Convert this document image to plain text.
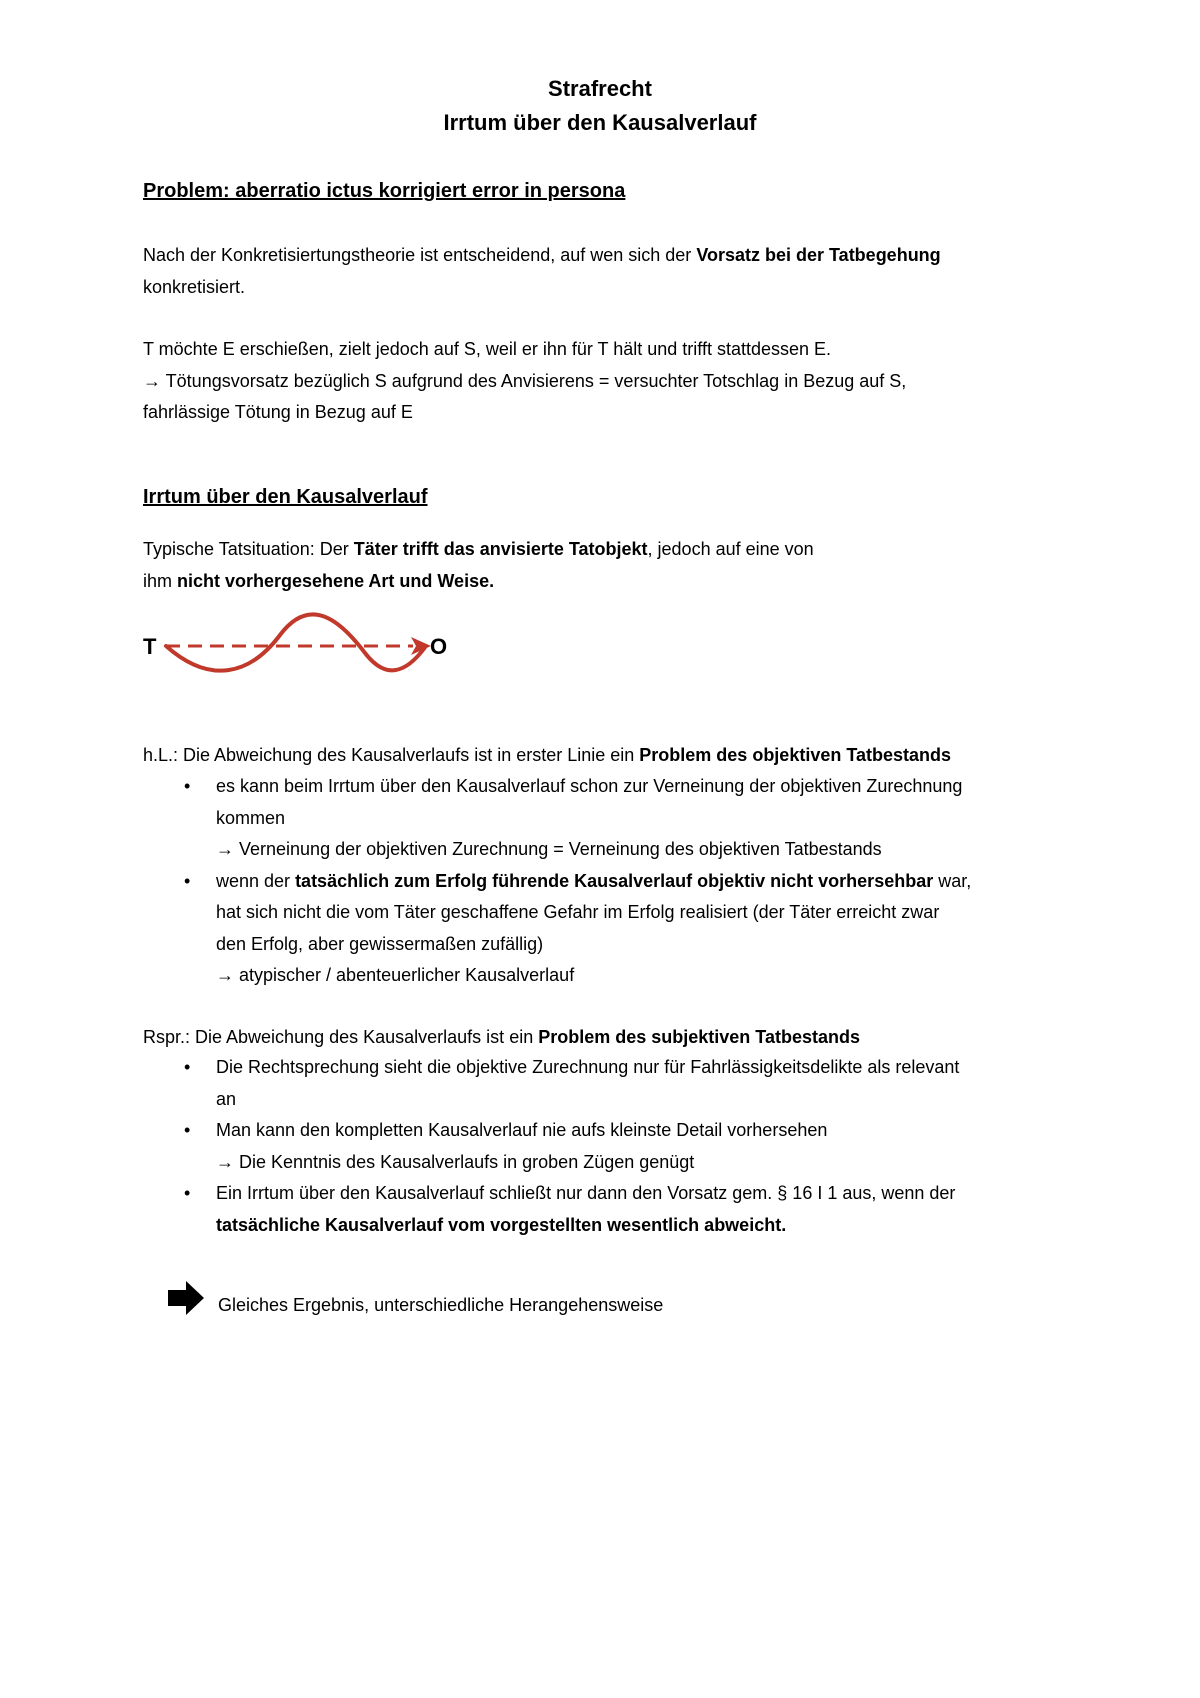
Strafrecht
Irrtum über den Kausalverlauf
Problem: aberratio ictus korrigiert error in persona
Nach der Konkretisiertungstheorie ist entscheidend, auf wen sich der Vorsatz bei der Tatbegehung
konkretisiert.
T möchte E erschießen, zielt jedoch auf S, weil er ihn für T hält und trifft stattdessen E.
→ Tötungsvorsatz bezüglich S aufgrund des Anvisierens = versuchter Totschlag in Bezug auf S,
fahrlässige Tötung in Bezug auf E
Irrtum über den Kausalverlauf
Typische Tatsituation: Der Täter trifft das anvisierte Tatobjekt, jedoch auf eine von
ihm nicht vorhergesehene Art und Weise.
T	O
h.L.: Die Abweichung des Kausalverlaufs ist in erster Linie ein Problem des objektiven Tatbestands
• es kann beim Irrtum über den Kausalverlauf schon zur Verneinung der objektiven Zurechnung
kommen
→ Verneinung der objektiven Zurechnung = Verneinung des objektiven Tatbestands
• wenn der tatsächlich zum Erfolg führende Kausalverlauf objektiv nicht vorhersehbar war,
hat sich nicht die vom Täter geschaffene Gefahr im Erfolg realisiert (der Täter erreicht zwar
den Erfolg, aber gewissermaßen zufällig)
→ atypischer / abenteuerlicher Kausalverlauf
Rspr.: Die Abweichung des Kausalverlaufs ist ein Problem des subjektiven Tatbestands
• Die Rechtsprechung sieht die objektive Zurechnung nur für Fahrlässigkeitsdelikte als relevant
an
• Man kann den kompletten Kausalverlauf nie aufs kleinste Detail vorhersehen
→ Die Kenntnis des Kausalverlaufs in groben Zügen genügt
• Ein Irrtum über den Kausalverlauf schließt nur dann den Vorsatz gem. § 16 I 1 aus, wenn der
tatsächliche Kausalverlauf vom vorgestellten wesentlich abweicht.
Gleiches Ergebnis, unterschiedliche Herangehensweise
